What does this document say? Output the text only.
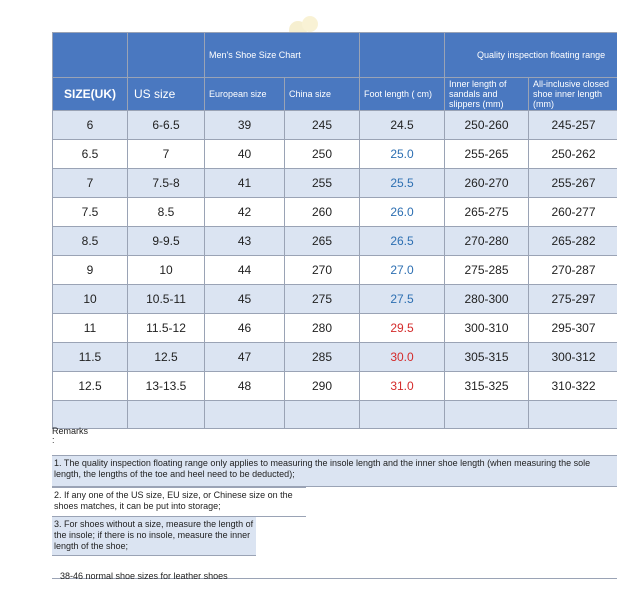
		Men's Shoe Size Chart			Quality inspection floating range	
SIZE(UK)	US size	European size	China size	Foot length ( cm)	Inner length of sandals and slippers (mm)	All-inclusive closed shoe inner length (mm)
6	6-6.5	39	245	24.5	250-260	245-257
6.5	7	40	250	25.0	255-265	250-262
7	7.5-8	41	255	25.5	260-270	255-267
7.5	8.5	42	260	26.0	265-275	260-277
8.5	9-9.5	43	265	26.5	270-280	265-282
9	10	44	270	27.0	275-285	270-287
10	10.5-11	45	275	27.5	280-300	275-297
11	11.5-12	46	280	29.5	300-310	295-307
11.5	12.5	47	285	30.0	305-315	300-312
12.5	13-13.5	48	290	31.0	315-325	310-322

Remarks
:
1. The quality inspection floating range only applies to measuring the insole length and the inner shoe length (when measuring the sole length, the lengths of the toe and heel need to be deducted);
2. If any one of the US size, EU size, or Chinese size on the shoes matches, it can be put into storage;
3. For shoes without a size, measure the length of the insole; if there is no insole, measure the inner length of the shoe;
38-46 normal shoe sizes for leather shoes
